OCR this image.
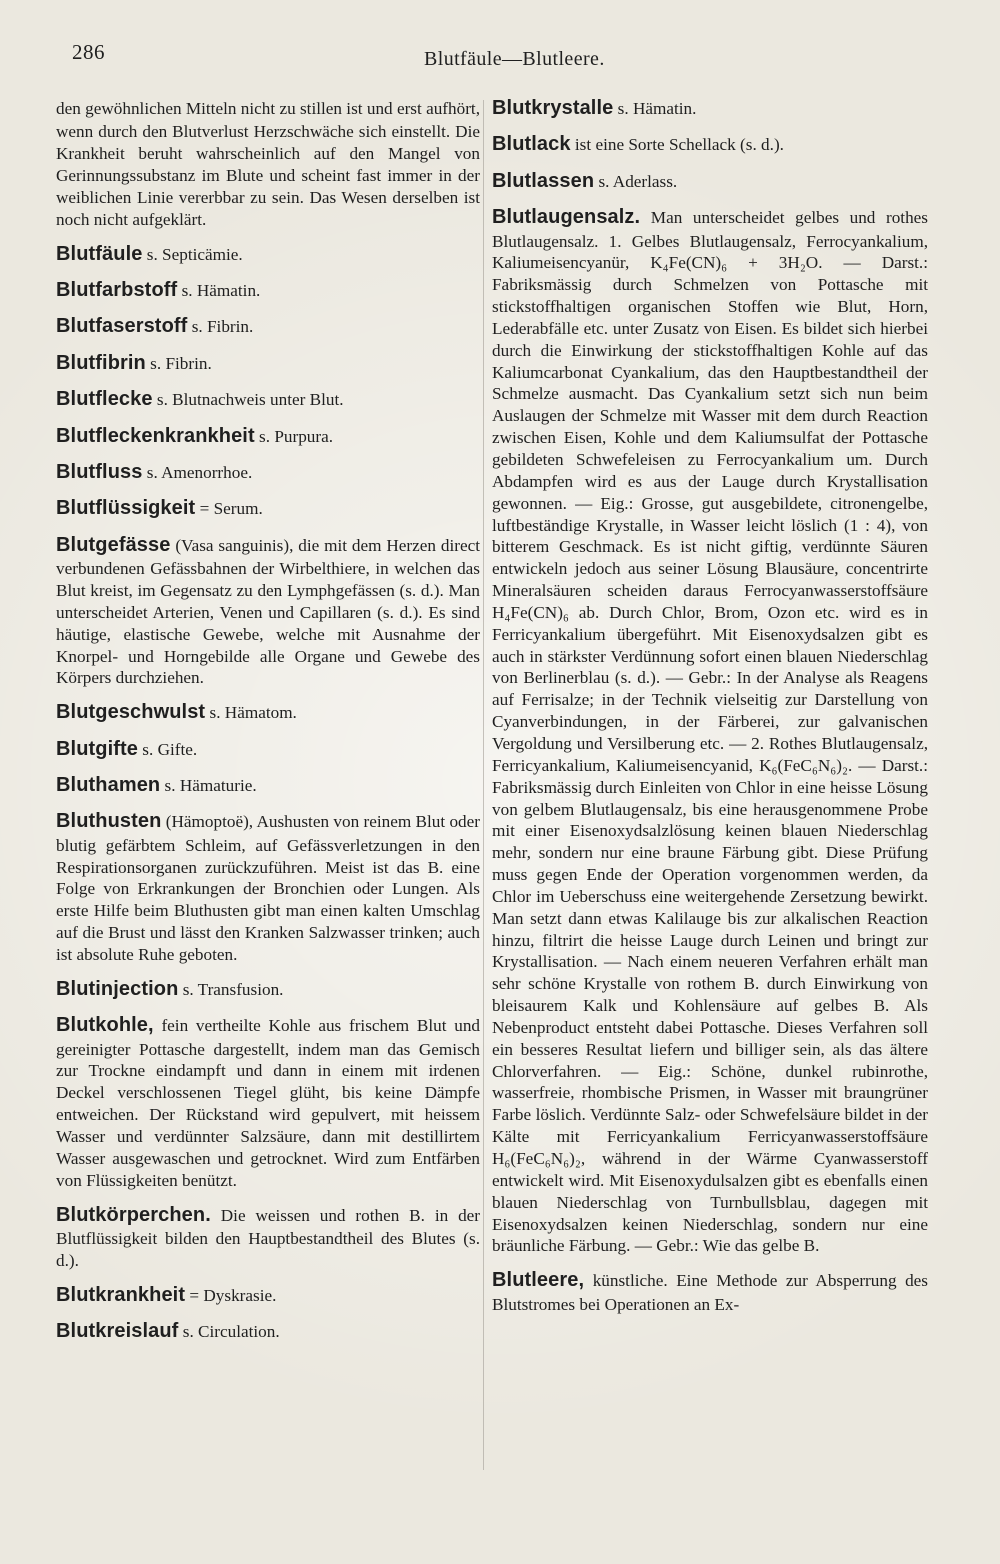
286	Blutfäule—Blutleere.
den gewöhnlichen Mitteln nicht zu stillen ist und erst aufhört, wenn durch den Blutverlust Herzschwäche sich einstellt. Die Krankheit beruht wahrscheinlich auf den Mangel von Gerinnungssubstanz im Blute und scheint fast immer in der weiblichen Linie vererbbar zu sein. Das Wesen derselben ist noch nicht aufgeklärt.
Blutfäule s. Septicämie.
Blutfarbstoff s. Hämatin.
Blutfaserstoff s. Fibrin.
Blutfibrin s. Fibrin.
Blutflecke s. Blutnachweis unter Blut.
Blutfleckenkrankheit s. Purpura.
Blutfluss s. Amenorrhoe.
Blutflüssigkeit = Serum.
Blutgefässe (Vasa sanguinis), die mit dem Herzen direct verbundenen Gefässbahnen der Wirbelthiere, in welchen das Blut kreist, im Gegensatz zu den Lymphgefässen (s. d.). Man unterscheidet Arterien, Venen und Capillaren (s. d.). Es sind häutige, elastische Gewebe, welche mit Ausnahme der Knorpel- und Horngebilde alle Organe und Gewebe des Körpers durchziehen.
Blutgeschwulst s. Hämatom.
Blutgifte s. Gifte.
Bluthamen s. Hämaturie.
Bluthusten (Hämoptoë), Aushusten von reinem Blut oder blutig gefärbtem Schleim, auf Gefässverletzungen in den Respirationsorganen zurückzuführen. Meist ist das B. eine Folge von Erkrankungen der Bronchien oder Lungen. Als erste Hilfe beim Bluthusten gibt man einen kalten Umschlag auf die Brust und lässt den Kranken Salzwasser trinken; auch ist absolute Ruhe geboten.
Blutinjection s. Transfusion.
Blutkohle, fein vertheilte Kohle aus frischem Blut und gereinigter Pottasche dargestellt, indem man das Gemisch zur Trockne eindampft und dann in einem mit irdenen Deckel verschlossenen Tiegel glüht, bis keine Dämpfe entweichen. Der Rückstand wird gepulvert, mit heissem Wasser und verdünnter Salzsäure, dann mit destillirtem Wasser ausgewaschen und getrocknet. Wird zum Entfärben von Flüssigkeiten benützt.
Blutkörperchen. Die weissen und rothen B. in der Blutflüssigkeit bilden den Hauptbestandtheil des Blutes (s. d.).
Blutkrankheit = Dyskrasie.
Blutkreislauf s. Circulation.
Blutkrystalle s. Hämatin.
Blutlack ist eine Sorte Schellack (s. d.).
Blutlassen s. Aderlass.
Blutlaugensalz. Man unterscheidet gelbes und rothes Blutlaugensalz. 1. Gelbes Blutlaugensalz, Ferrocyankalium, Kaliumeisencyanür, K₄Fe(CN)₆ + 3H₂O. — Darst.: Fabriksmässig durch Schmelzen von Pottasche mit stickstoffhaltigen organischen Stoffen wie Blut, Horn, Lederabfälle etc. unter Zusatz von Eisen. Es bildet sich hierbei durch die Einwirkung der stickstoffhaltigen Kohle auf das Kaliumcarbonat Cyankalium, das den Hauptbestandtheil der Schmelze ausmacht. Das Cyankalium setzt sich nun beim Auslaugen der Schmelze mit Wasser mit dem durch Reaction zwischen Eisen, Kohle und dem Kaliumsulfat der Pottasche gebildeten Schwefeleisen zu Ferrocyankalium um. Durch Abdampfen wird es aus der Lauge durch Krystallisation gewonnen. — Eig.: Grosse, gut ausgebildete, citronengelbe, luftbeständige Krystalle, in Wasser leicht löslich (1 : 4), von bitterem Geschmack. Es ist nicht giftig, verdünnte Säuren entwickeln jedoch aus seiner Lösung Blausäure, concentrirte Mineralsäuren scheiden daraus Ferrocyanwasserstoffsäure H₄Fe(CN)₆ ab. Durch Chlor, Brom, Ozon etc. wird es in Ferricyankalium übergeführt. Mit Eisenoxydsalzen gibt es auch in stärkster Verdünnung sofort einen blauen Niederschlag von Berlinerblau (s. d.). — Gebr.: In der Analyse als Reagens auf Ferrisalze; in der Technik vielseitig zur Darstellung von Cyanverbindungen, in der Färberei, zur galvanischen Vergoldung und Versilberung etc. — 2. Rothes Blutlaugensalz, Ferricyankalium, Kaliumeisencyanid, K₆(FeC₆N₆)₂. — Darst.: Fabriksmässig durch Einleiten von Chlor in eine heisse Lösung von gelbem Blutlaugensalz, bis eine herausgenommene Probe mit einer Eisenoxydsalzlösung keinen blauen Niederschlag mehr, sondern nur eine braune Färbung gibt. Diese Prüfung muss gegen Ende der Operation vorgenommen werden, da Chlor im Ueberschuss eine weitergehende Zersetzung bewirkt. Man setzt dann etwas Kalilauge bis zur alkalischen Reaction hinzu, filtrirt die heisse Lauge durch Leinen und bringt zur Krystallisation. — Nach einem neueren Verfahren erhält man sehr schöne Krystalle von rothem B. durch Einwirkung von bleisaurem Kalk und Kohlensäure auf gelbes B. Als Nebenproduct entsteht dabei Pottasche. Dieses Verfahren soll ein besseres Resultat liefern und billiger sein, als das ältere Chlorverfahren. — Eig.: Schöne, dunkel rubinrothe, wasserfreie, rhombische Prismen, in Wasser mit braungrüner Farbe löslich. Verdünnte Salz- oder Schwefelsäure bildet in der Kälte mit Ferricyankalium Ferricyanwasserstoffsäure H₆(FeC₆N₆)₂, während in der Wärme Cyanwasserstoff entwickelt wird. Mit Eisenoxydulsalzen gibt es ebenfalls einen blauen Niederschlag von Turnbullsblau, dagegen mit Eisenoxydsalzen keinen Niederschlag, sondern nur eine bräunliche Färbung. — Gebr.: Wie das gelbe B.
Blutleere, künstliche. Eine Methode zur Absperrung des Blutstromes bei Operationen an Ex-
